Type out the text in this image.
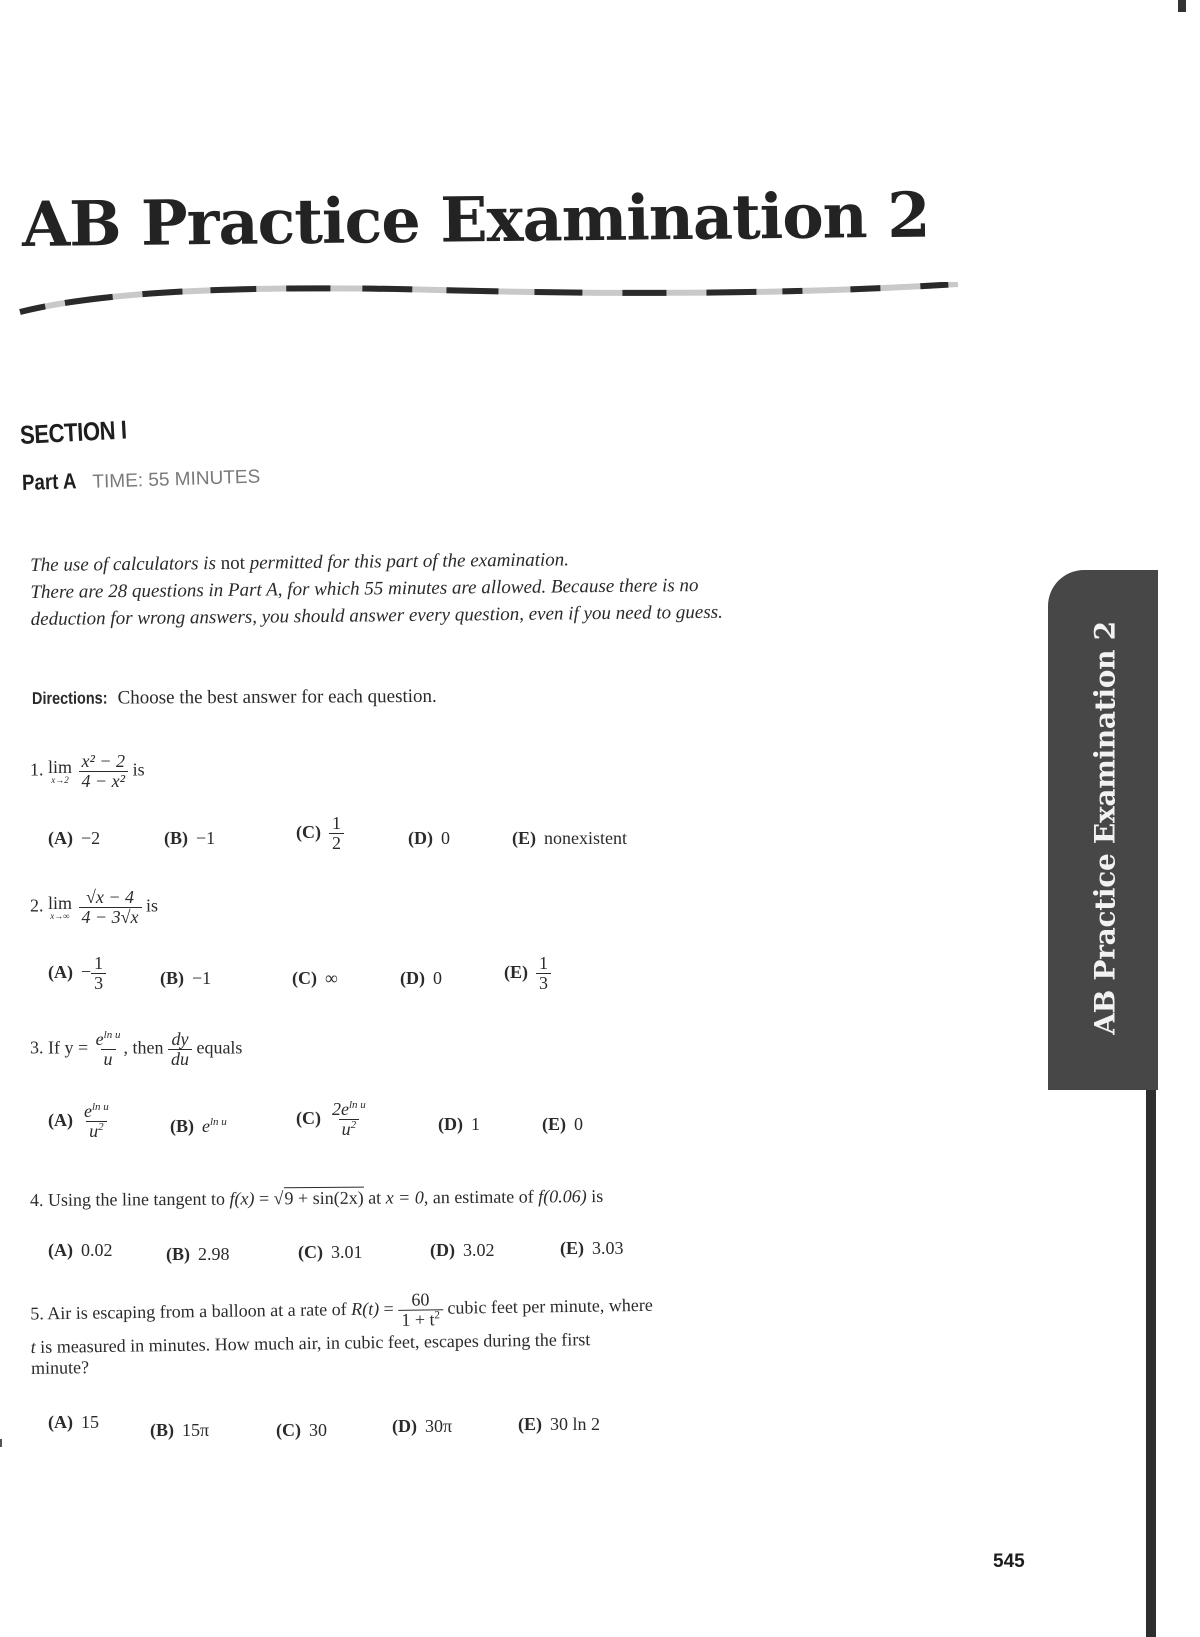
AB Practice Examination 2
SECTION I
Part A TIME: 55 MINUTES
The use of calculators is not permitted for this part of the examination.
There are 28 questions in Part A, for which 55 minutes are allowed. Because there is no deduction for wrong answers, you should answer every question, even if you need to guess.
Directions: Choose the best answer for each question.
1. lim
x→2
$\frac{\text{x² − 2}}{\text{4 − x²}}$ is
(A) −2	(B) −1	$(C) \frac{1}{2}$	(D) 0	(E) nonexistent
2. lim
x→∞
$\frac{√x - 4}{4 - 3√x}$ is
$(A) - \frac{1}{3}$	(B) −1	(C) ∞	(D) 0	$(E) \frac{1}{3}$
3. If $y = \frac{e^{ln u}}{u}$ , then $\frac{dy}{du}$ equals
$(A) \frac{e^{ln u}}{u^2}$	(B) $e^{ln u}$	$(C) \frac{2e^{ln u}}{u^2}$	(D) 1	(E) 0
4. Using the line tangent to f(x) = √9 + sin(2x) at x = 0, an estimate of f(0.06) is
(A) 0.02	(B) 2.98	(C) 3.01	(D) 3.02	(E) 3.03
5. Air is escaping from a balloon at a rate of $R(t) = \frac{60}{1 + t^2}$ cubic feet per minute, where
t is measured in minutes. How much air, in cubic feet, escapes during the first
minute?
(A) 15	(B) 15π	(C) 30	(D) 30π	(E) 30 ln 2
AB Practice Examination 2
545
